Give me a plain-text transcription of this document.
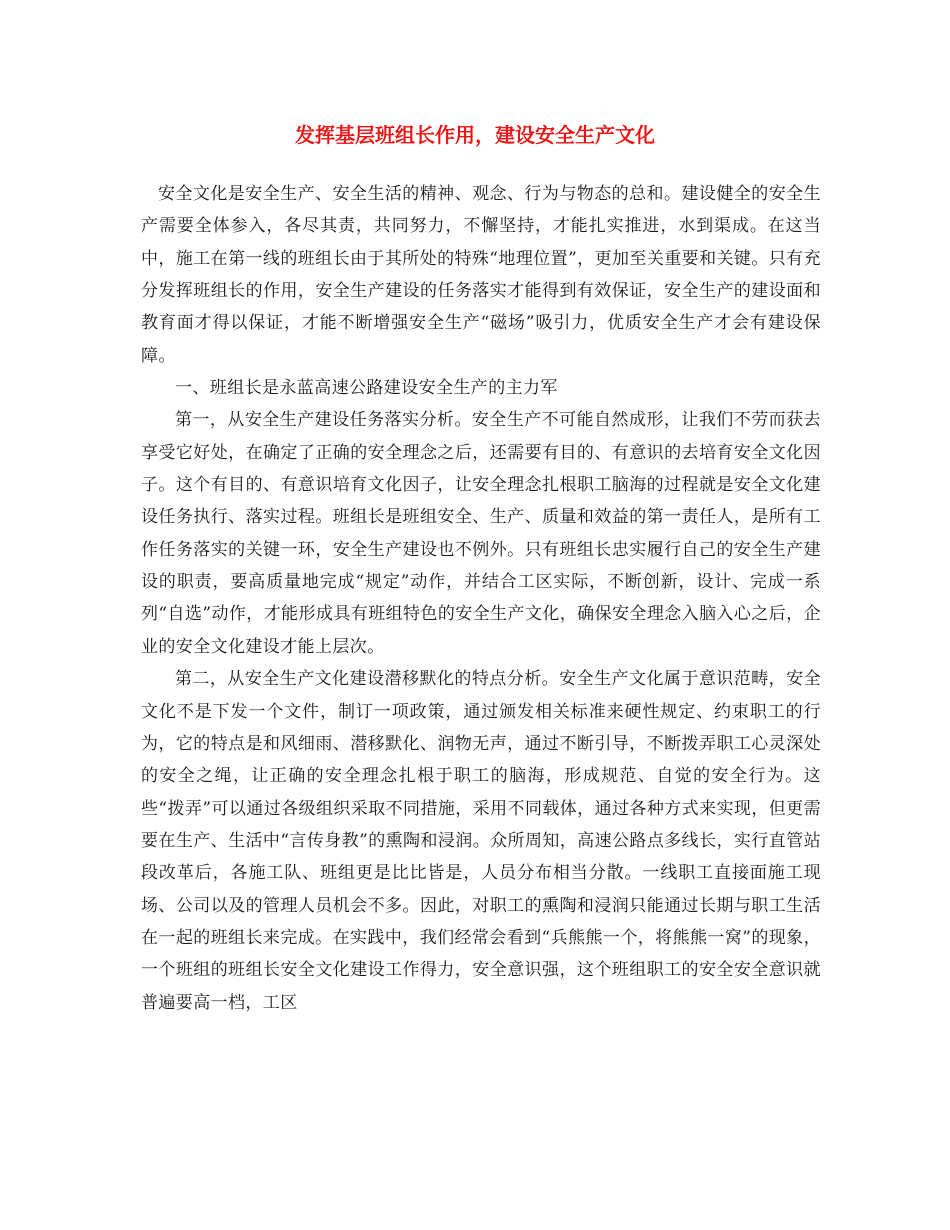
发挥基层班组长作用，建设安全生产文化

安全文化是安全生产、安全生活的精神、观念、行为与物态的总和。建设健全的安全生产需要全体参入，各尽其责，共同努力，不懈坚持，才能扎实推进，水到渠成。在这当中，施工在第一线的班组长由于其所处的特殊“地理位置”，更加至关重要和关键。只有充分发挥班组长的作用，安全生产建设的任务落实才能得到有效保证，安全生产的建设面和教育面才得以保证，才能不断增强安全生产“磁场”吸引力，优质安全生产才会有建设保障。

一、班组长是永蓝高速公路建设安全生产的主力军

第一，从安全生产建设任务落实分析。安全生产不可能自然成形，让我们不劳而获去享受它好处，在确定了正确的安全理念之后，还需要有目的、有意识的去培育安全文化因子。这个有目的、有意识培育文化因子，让安全理念扎根职工脑海的过程就是安全文化建设任务执行、落实过程。班组长是班组安全、生产、质量和效益的第一责任人，是所有工作任务落实的关键一环，安全生产建设也不例外。只有班组长忠实履行自己的安全生产建设的职责，要高质量地完成“规定”动作，并结合工区实际，不断创新，设计、完成一系列“自选”动作，才能形成具有班组特色的安全生产文化，确保安全理念入脑入心之后，企业的安全文化建设才能上层次。

第二，从安全生产文化建设潜移默化的特点分析。安全生产文化属于意识范畴，安全文化不是下发一个文件，制订一项政策，通过颁发相关标准来硬性规定、约束职工的行为，它的特点是和风细雨、潜移默化、润物无声，通过不断引导，不断拨弄职工心灵深处的安全之绳，让正确的安全理念扎根于职工的脑海，形成规范、自觉的安全行为。这些“拨弄”可以通过各级组织采取不同措施，采用不同载体，通过各种方式来实现，但更需要在生产、生活中“言传身教”的熏陶和浸润。众所周知，高速公路点多线长，实行直管站段改革后，各施工队、班组更是比比皆是，人员分布相当分散。一线职工直接面施工现场、公司以及的管理人员机会不多。因此，对职工的熏陶和浸润只能通过长期与职工生活在一起的班组长来完成。在实践中，我们经常会看到“兵熊熊一个，将熊熊一窝”的现象，一个班组的班组长安全文化建设工作得力，安全意识强，这个班组职工的安全安全意识就普遍要高一档，工区
